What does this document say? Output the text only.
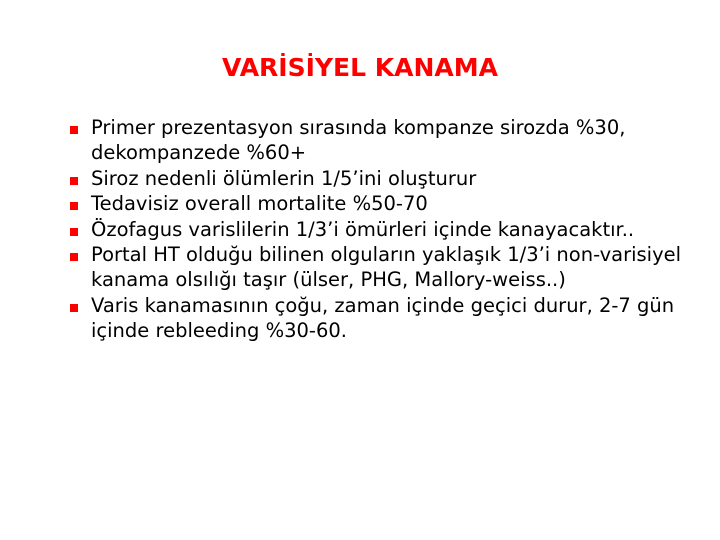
VARİSİYEL KANAMA
Primer prezentasyon sırasında kompanze sirozda %30, dekompanzede %60+
Siroz nedenli ölümlerin 1/5’ini oluşturur
Tedavisiz overall mortalite %50-70
Özofagus varislilerin 1/3’i ömürleri içinde kanayacaktır..
Portal HT olduğu bilinen olguların yaklaşık 1/3’i non-varisiyel kanama olsılığı taşır (ülser, PHG, Mallory-weiss..)
Varis kanamasının çoğu, zaman içinde geçici durur, 2-7 gün içinde rebleeding %30-60.
